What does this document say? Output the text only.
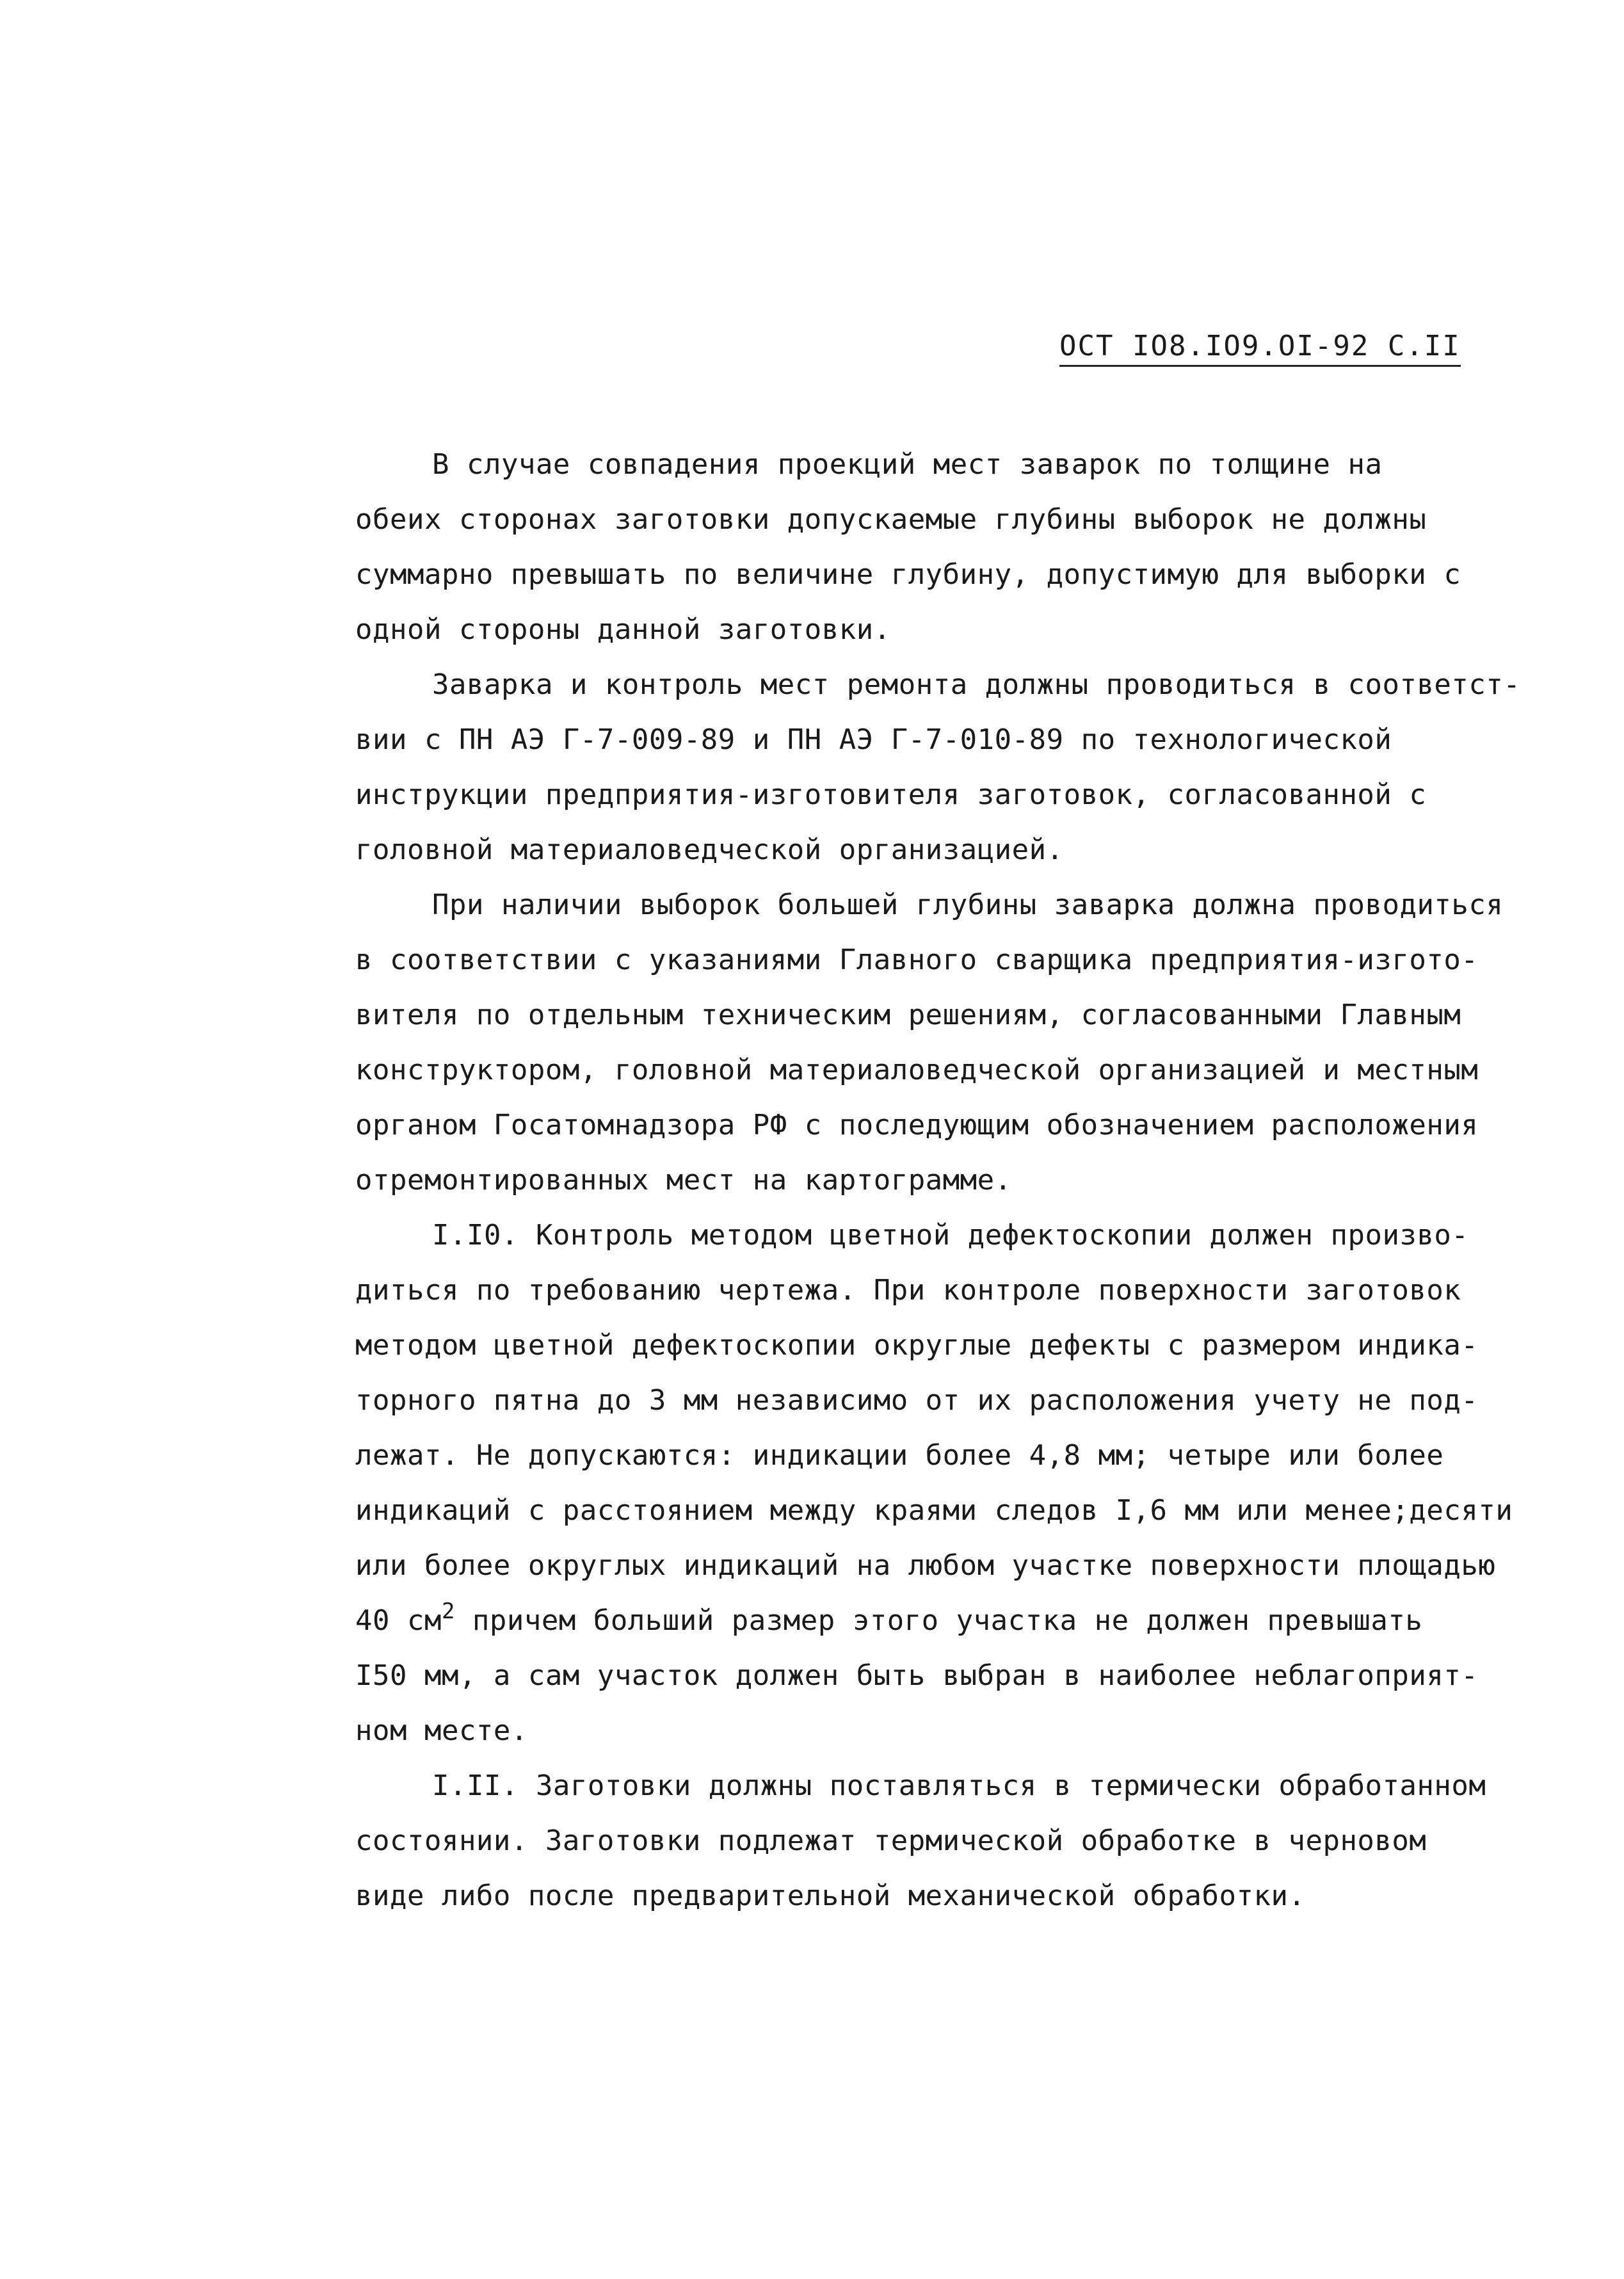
ОСТ IO8.IO9.OI-92 С.II
В случае совпадения проекций мест заварок по толщине на
обеих сторонах заготовки допускаемые глубины выборок не должны
суммарно превышать по величине глубину, допустимую для выборки с
одной стороны данной заготовки.
Заварка и контроль мест ремонта должны проводиться в соответст-
вии с ПН АЭ Г-7-009-89 и ПН АЭ Г-7-010-89 по технологической
инструкции предприятия-изготовителя заготовок, согласованной с
головной материаловедческой организацией.
При наличии выборок большей глубины заварка должна проводиться
в соответствии с указаниями Главного сварщика предприятия-изгото-
вителя по отдельным техническим решениям, согласованными Главным
конструктором, головной материаловедческой организацией и местным
органом Госатомнадзора РФ с последующим обозначением расположения
отремонтированных мест на картограмме.
I.I0. Контроль методом цветной дефектоскопии должен произво-
диться по требованию чертежа. При контроле поверхности заготовок
методом цветной дефектоскопии округлые дефекты с размером индика-
торного пятна до 3 мм независимо от их расположения учету не под-
лежат. Не допускаются: индикации более 4,8 мм; четыре или более
индикаций с расстоянием между краями следов I,6 мм или менее;десяти
или более округлых индикаций на любом участке поверхности площадью
40 $см^2$ причем больший размер этого участка не должен превышать
I50 мм, а сам участок должен быть выбран в наиболее неблагоприят-
ном месте.
I.II. Заготовки должны поставляться в термически обработанном
состоянии. Заготовки подлежат термической обработке в черновом
виде либо после предварительной механической обработки.
